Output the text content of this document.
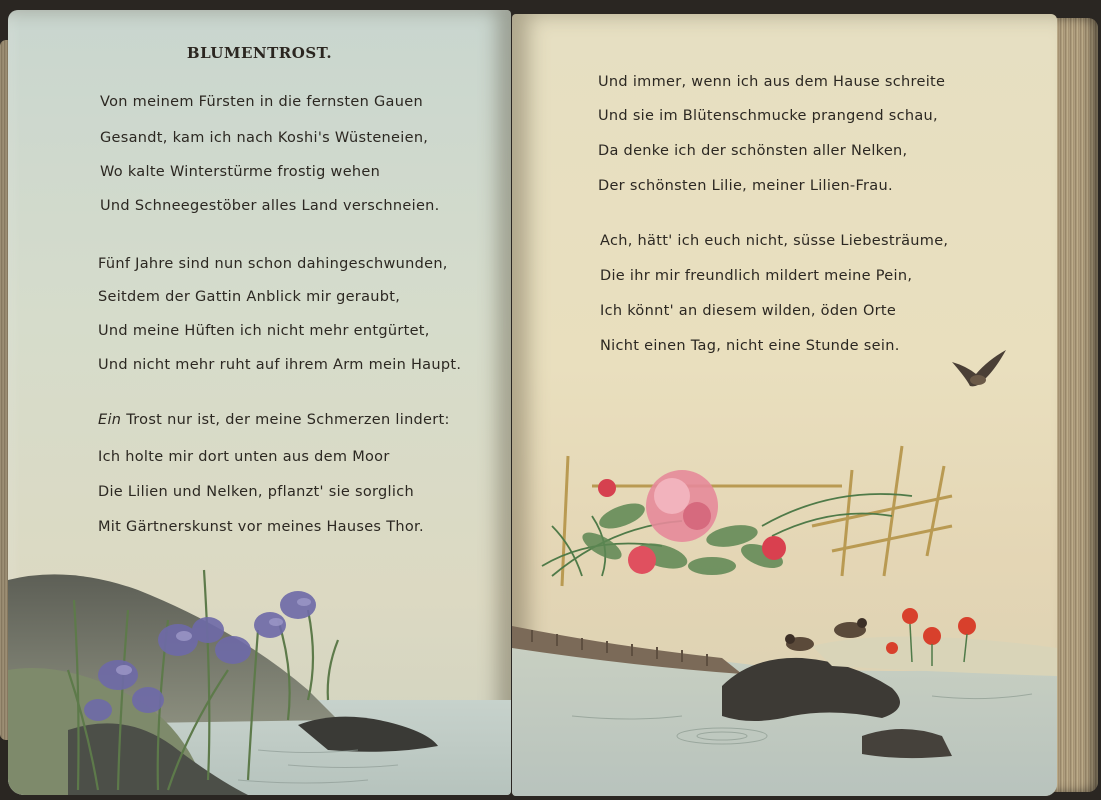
BLUMENTROST.
Von meinem Fürsten in die fernsten Gauen
Gesandt, kam ich nach Koshi's Wüsteneien,
Wo kalte Winterstürme frostig wehen
Und Schneegestöber alles Land verschneien.
Fünf Jahre sind nun schon dahingeschwunden,
Seitdem der Gattin Anblick mir geraubt,
Und meine Hüften ich nicht mehr entgürtet,
Und nicht mehr ruht auf ihrem Arm mein Haupt.
Ein Trost nur ist, der meine Schmerzen lindert:
Ich holte mir dort unten aus dem Moor
Die Lilien und Nelken, pflanzt' sie sorglich
Mit Gärtnerskunst vor meines Hauses Thor.
Und immer, wenn ich aus dem Hause schreite
Und sie im Blütenschmucke prangend schau,
Da denke ich der schönsten aller Nelken,
Der schönsten Lilie, meiner Lilien-Frau.
Ach, hätt' ich euch nicht, süsse Liebesträume,
Die ihr mir freundlich mildert meine Pein,
Ich könnt' an diesem wilden, öden Orte
Nicht einen Tag, nicht eine Stunde sein.
